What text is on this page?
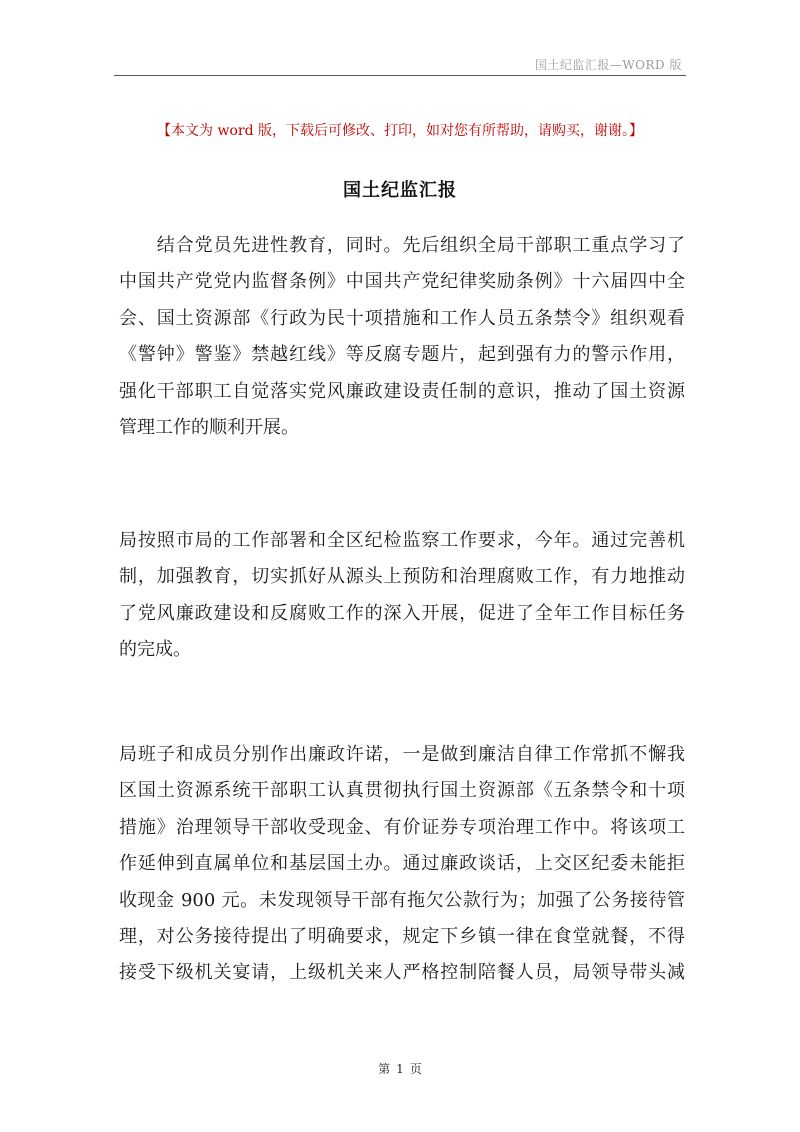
国土纪监汇报—WORD 版
【本文为 word 版，下载后可修改、打印，如对您有所帮助，请购买，谢谢。】
国土纪监汇报
　　结合党员先进性教育，同时。先后组织全局干部职工重点学习了
中国共产党党内监督条例》中国共产党纪律奖励条例》十六届四中全
会、国土资源部《行政为民十项措施和工作人员五条禁令》组织观看
《警钟》警鉴》禁越红线》等反腐专题片，起到强有力的警示作用，
强化干部职工自觉落实党风廉政建设责任制的意识，推动了国土资源
管理工作的顺利开展。
局按照市局的工作部署和全区纪检监察工作要求，今年。通过完善机
制，加强教育，切实抓好从源头上预防和治理腐败工作，有力地推动
了党风廉政建设和反腐败工作的深入开展，促进了全年工作目标任务
的完成。
局班子和成员分别作出廉政许诺，一是做到廉洁自律工作常抓不懈我
区国土资源系统干部职工认真贯彻执行国土资源部《五条禁令和十项
措施》治理领导干部收受现金、有价证券专项治理工作中。将该项工
作延伸到直属单位和基层国土办。通过廉政谈话，上交区纪委未能拒
收现金 900 元。未发现领导干部有拖欠公款行为；加强了公务接待管
理，对公务接待提出了明确要求，规定下乡镇一律在食堂就餐，不得
接受下级机关宴请，上级机关来人严格控制陪餐人员，局领导带头减
第 1 页
